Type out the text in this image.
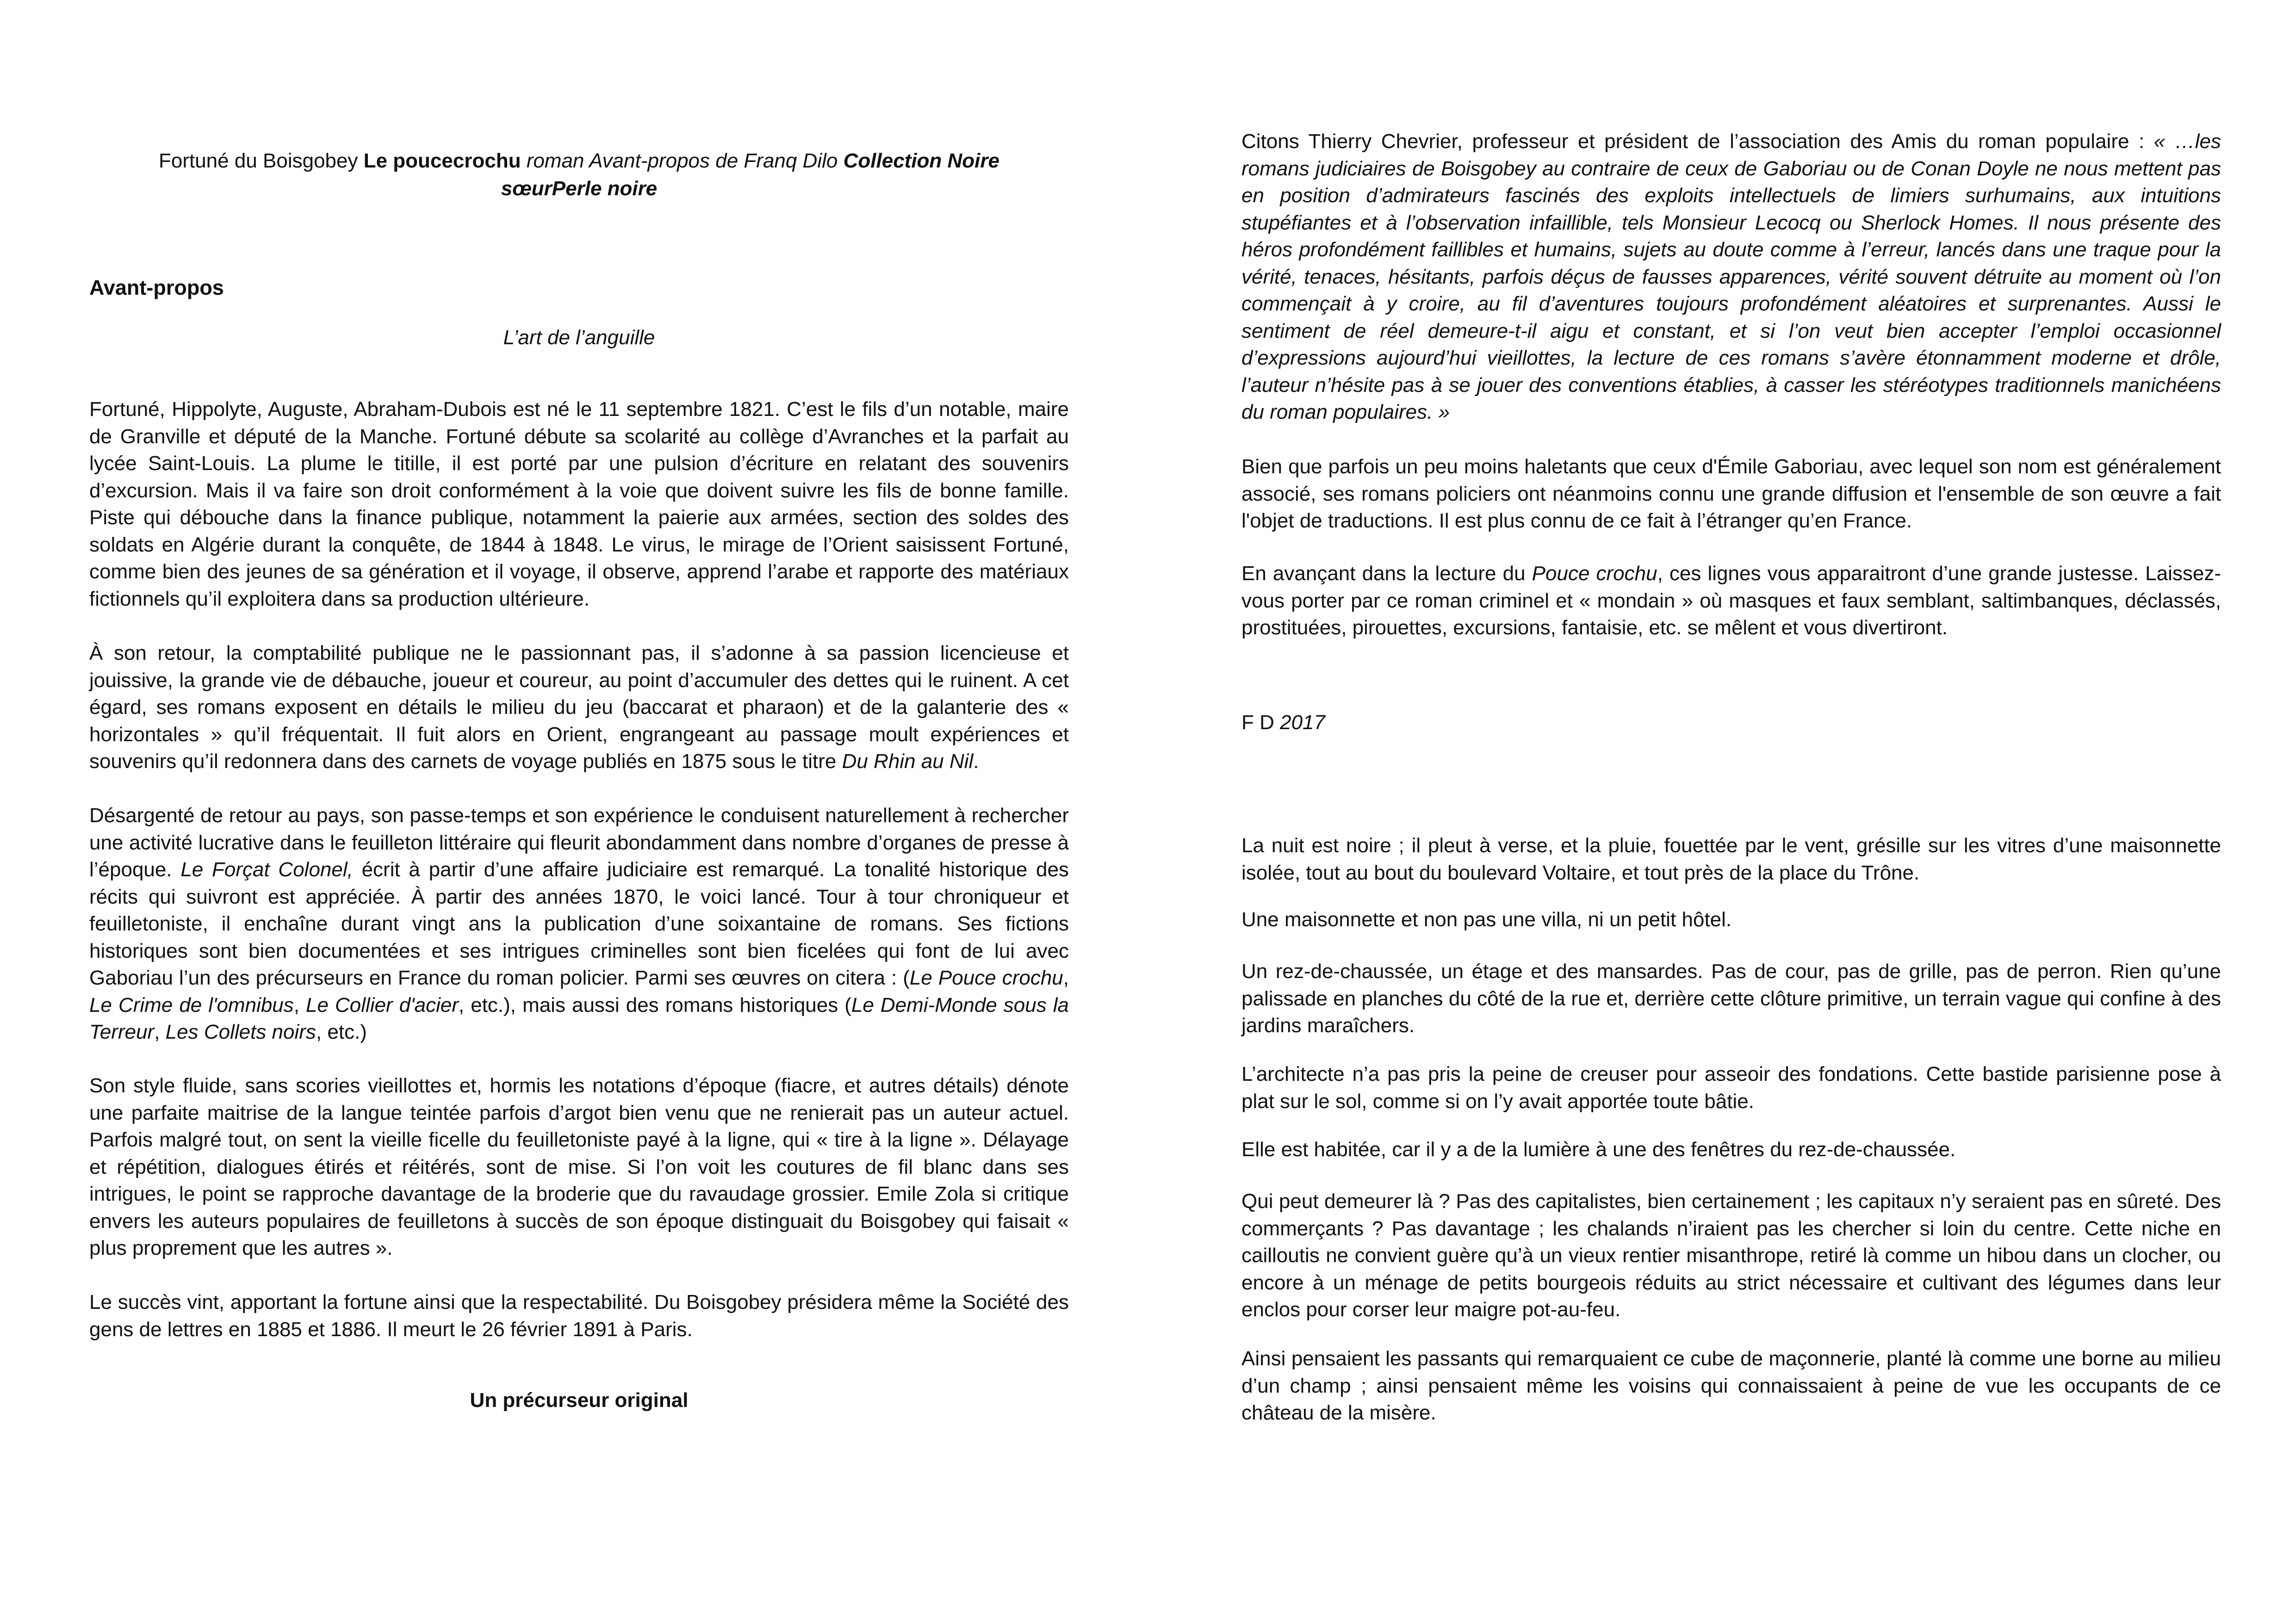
Fortuné du Boisgobey Le poucecrochu roman Avant-propos de Franq Dilo Collection Noire
sœurPerle noire
Avant-propos
L’art de l’anguille

Fortuné, Hippolyte, Auguste, Abraham-Dubois est né le 11 septembre 1821. C’est le fils d’un notable, maire de Granville et député de la Manche. Fortuné débute sa scolarité au collège d’Avranches et la parfait au lycée Saint-Louis. La plume le titille, il est porté par une pulsion d’écriture en relatant des souvenirs d’excursion. Mais il va faire son droit conformément à la voie que doivent suivre les fils de bonne famille. Piste qui débouche dans la finance publique, notamment la paierie aux armées, section des soldes des soldats en Algérie durant la conquête, de 1844 à 1848. Le virus, le mirage de l’Orient saisissent Fortuné, comme bien des jeunes de sa génération et il voyage, il observe, apprend l’arabe et rapporte des matériaux fictionnels qu’il exploitera dans sa production ultérieure.

À son retour, la comptabilité publique ne le passionnant pas, il s’adonne à sa passion licencieuse et jouissive, la grande vie de débauche, joueur et coureur, au point d’accumuler des dettes qui le ruinent. A cet égard, ses romans exposent en détails le milieu du jeu (baccarat et pharaon) et de la galanterie des « horizontales » qu’il fréquentait. Il fuit alors en Orient, engrangeant au passage moult expériences et souvenirs qu’il redonnera dans des carnets de voyage publiés en 1875 sous le titre Du Rhin au Nil.

Désargenté de retour au pays, son passe-temps et son expérience le conduisent naturellement à rechercher une activité lucrative dans le feuilleton littéraire qui fleurit abondamment dans nombre d’organes de presse à l’époque. Le Forçat Colonel, écrit à partir d’une affaire judiciaire est remarqué. La tonalité historique des récits qui suivront est appréciée. À partir des années 1870, le voici lancé. Tour à tour chroniqueur et feuilletoniste, il enchaîne durant vingt ans la publication d’une soixantaine de romans. Ses fictions historiques sont bien documentées et ses intrigues criminelles sont bien ficelées qui font de lui avec Gaboriau l’un des précurseurs en France du roman policier. Parmi ses œuvres on citera : (Le Pouce crochu, Le Crime de l'omnibus, Le Collier d'acier, etc.), mais aussi des romans historiques (Le Demi-Monde sous la Terreur, Les Collets noirs, etc.)

Son style fluide, sans scories vieillottes et, hormis les notations d’époque (fiacre, et autres détails) dénote une parfaite maitrise de la langue teintée parfois d’argot bien venu que ne renierait pas un auteur actuel. Parfois malgré tout, on sent la vieille ficelle du feuilletoniste payé à la ligne, qui « tire à la ligne ». Délayage et répétition, dialogues étirés et réitérés, sont de mise. Si l’on voit les coutures de fil blanc dans ses intrigues, le point se rapproche davantage de la broderie que du ravaudage grossier. Emile Zola si critique envers les auteurs populaires de feuilletons à succès de son époque distinguait du Boisgobey qui faisait « plus proprement que les autres ».

Le succès vint, apportant la fortune ainsi que la respectabilité. Du Boisgobey présidera même la Société des gens de lettres en 1885 et 1886. Il meurt le 26 février 1891 à Paris.

Un précurseur original

Citons Thierry Chevrier, professeur et président de l’association des Amis du roman populaire : « …les romans judiciaires de Boisgobey au contraire de ceux de Gaboriau ou de Conan Doyle ne nous mettent pas en position d’admirateurs fascinés des exploits intellectuels de limiers surhumains, aux intuitions stupéfiantes et à l’observation infaillible, tels Monsieur Lecocq ou Sherlock Homes. Il nous présente des héros profondément faillibles et humains, sujets au doute comme à l’erreur, lancés dans une traque pour la vérité, tenaces, hésitants, parfois déçus de fausses apparences, vérité souvent détruite au moment où l’on commençait à y croire, au fil d’aventures toujours profondément aléatoires et surprenantes. Aussi le sentiment de réel demeure-t-il aigu et constant, et si l’on veut bien accepter l’emploi occasionnel d’expressions aujourd’hui vieillottes, la lecture de ces romans s’avère étonnamment moderne et drôle, l’auteur n’hésite pas à se jouer des conventions établies, à casser les stéréotypes traditionnels manichéens du roman populaires. »

Bien que parfois un peu moins haletants que ceux d'Émile Gaboriau, avec lequel son nom est généralement associé, ses romans policiers ont néanmoins connu une grande diffusion et l'ensemble de son œuvre a fait l'objet de traductions. Il est plus connu de ce fait à l’étranger qu’en France.

En avançant dans la lecture du Pouce crochu, ces lignes vous apparaitront d’une grande justesse. Laissez-vous porter par ce roman criminel et « mondain » où masques et faux semblant, saltimbanques, déclassés, prostituées, pirouettes, excursions, fantaisie, etc. se mêlent et vous divertiront.

F D 2017

La nuit est noire ; il pleut à verse, et la pluie, fouettée par le vent, grésille sur les vitres d’une maisonnette isolée, tout au bout du boulevard Voltaire, et tout près de la place du Trône.

Une maisonnette et non pas une villa, ni un petit hôtel.

Un rez-de-chaussée, un étage et des mansardes. Pas de cour, pas de grille, pas de perron. Rien qu’une palissade en planches du côté de la rue et, derrière cette clôture primitive, un terrain vague qui confine à des jardins maraîchers.

L’architecte n’a pas pris la peine de creuser pour asseoir des fondations. Cette bastide parisienne pose à plat sur le sol, comme si on l’y avait apportée toute bâtie.

Elle est habitée, car il y a de la lumière à une des fenêtres du rez-de-chaussée.

Qui peut demeurer là ? Pas des capitalistes, bien certainement ; les capitaux n’y seraient pas en sûreté. Des commerçants ? Pas davantage ; les chalands n’iraient pas les chercher si loin du centre. Cette niche en cailloutis ne convient guère qu’à un vieux rentier misanthrope, retiré là comme un hibou dans un clocher, ou encore à un ménage de petits bourgeois réduits au strict nécessaire et cultivant des légumes dans leur enclos pour corser leur maigre pot-au-feu.

Ainsi pensaient les passants qui remarquaient ce cube de maçonnerie, planté là comme une borne au milieu d’un champ ; ainsi pensaient même les voisins qui connaissaient à peine de vue les occupants de ce château de la misère.
